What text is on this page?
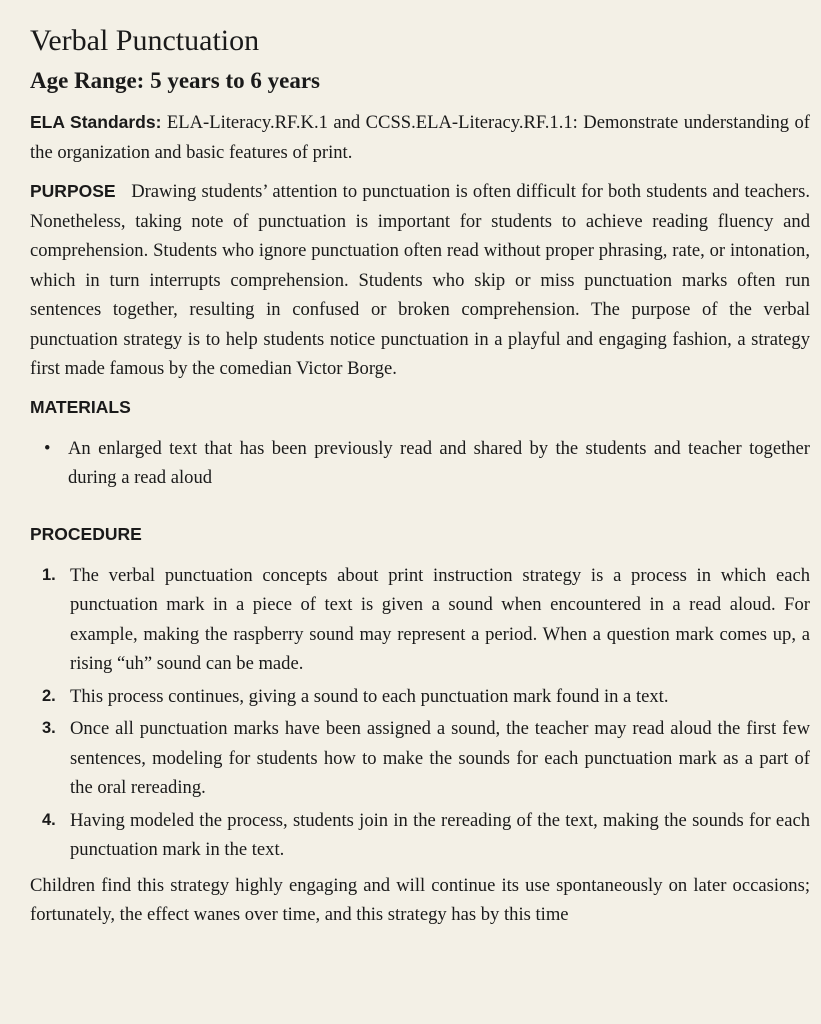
Verbal Punctuation
Age Range: 5 years to 6 years

ELA Standards: ELA-Literacy.RF.K.1 and CCSS.ELA-Literacy.RF.1.1: Demonstrate understanding of the organization and basic features of print.

PURPOSE Drawing students’ attention to punctuation is often difficult for both students and teachers. Nonetheless, taking note of punctuation is important for students to achieve reading fluency and comprehension. Students who ignore punctuation often read without proper phrasing, rate, or intonation, which in turn interrupts comprehension. Students who skip or miss punctuation marks often run sentences together, resulting in confused or broken comprehension. The purpose of the verbal punctuation strategy is to help students notice punctuation in a playful and engaging fashion, a strategy first made famous by the comedian Victor Borge.

MATERIALS
• An enlarged text that has been previously read and shared by the students and teacher together during a read aloud
PROCEDURE
1. The verbal punctuation concepts about print instruction strategy is a process in which each punctuation mark in a piece of text is given a sound when encountered in a read aloud. For example, making the raspberry sound may represent a period. When a question mark comes up, a rising “uh” sound can be made.
2. This process continues, giving a sound to each punctuation mark found in a text.
3. Once all punctuation marks have been assigned a sound, the teacher may read aloud the first few sentences, modeling for students how to make the sounds for each punctuation mark as a part of the oral rereading.
4. Having modeled the process, students join in the rereading of the text, making the sounds for each punctuation mark in the text.

Children find this strategy highly engaging and will continue its use spontaneously on later occasions; fortunately, the effect wanes over time, and this strategy has by this time
